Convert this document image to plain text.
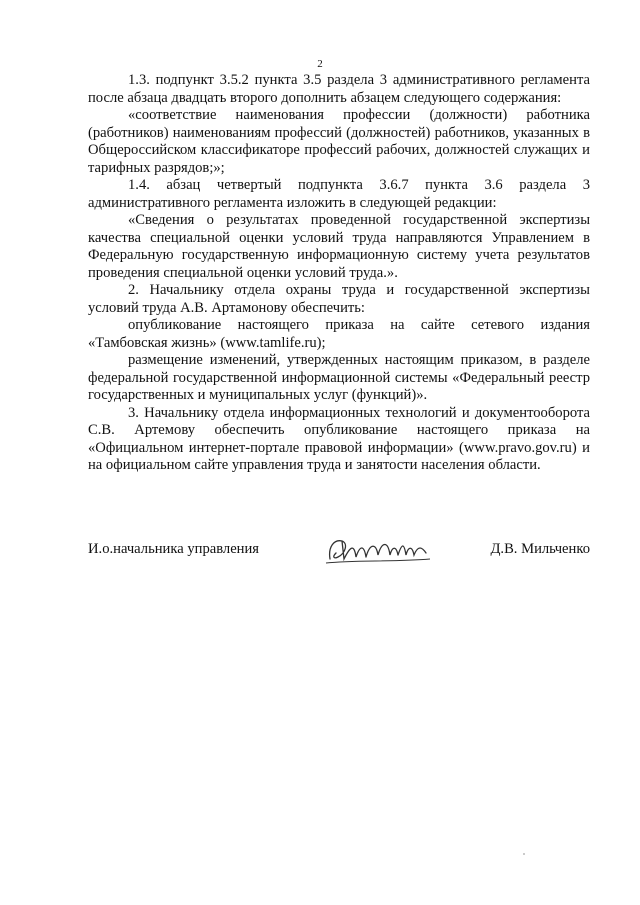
2

1.3. подпункт 3.5.2 пункта 3.5 раздела 3 административного регламента после абзаца двадцать второго дополнить абзацем следующего содержания:

«соответствие наименования профессии (должности) работника (работников) наименованиям профессий (должностей) работников, указанных в Общероссийском классификаторе профессий рабочих, должностей служащих и тарифных разрядов;»;

1.4. абзац четвертый подпункта 3.6.7 пункта 3.6 раздела 3 административного регламента изложить в следующей редакции:

«Сведения о результатах проведенной государственной экспертизы качества специальной оценки условий труда направляются Управлением в Федеральную государственную информационную систему учета результатов проведения специальной оценки условий труда.».

2. Начальнику отдела охраны труда и государственной экспертизы условий труда А.В. Артамонову обеспечить:

опубликование настоящего приказа на сайте сетевого издания «Тамбовская жизнь» (www.tamlife.ru);

размещение изменений, утвержденных настоящим приказом, в разделе федеральной государственной информационной системы «Федеральный реестр государственных и муниципальных услуг (функций)».

3. Начальнику отдела информационных технологий и документооборота С.В. Артемову обеспечить опубликование настоящего приказа на «Официальном интернет-портале правовой информации» (www.pravo.gov.ru) и на официальном сайте управления труда и занятости населения области.

И.о.начальника управления	Д.В. Мильченко
